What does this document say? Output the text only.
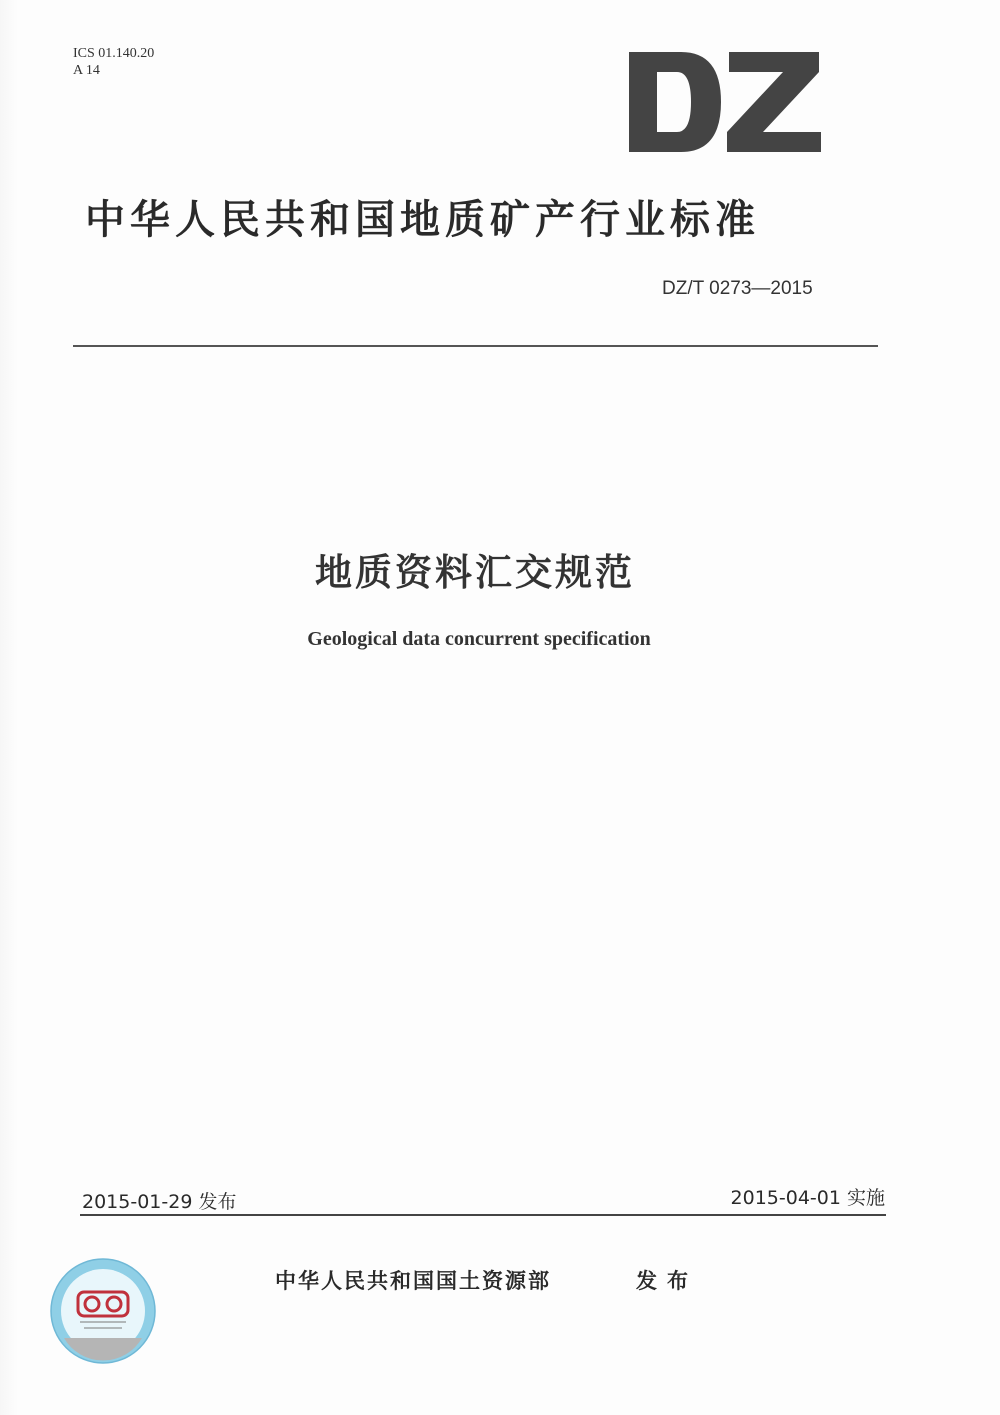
ICS 01.140.20
A 14
中华人民共和国地质矿产行业标准
DZ/T 0273—2015
地质资料汇交规范
Geological data concurrent specification
2015-01-29 发布	2015-04-01 实施
中华人民共和国国土资源部	发布
